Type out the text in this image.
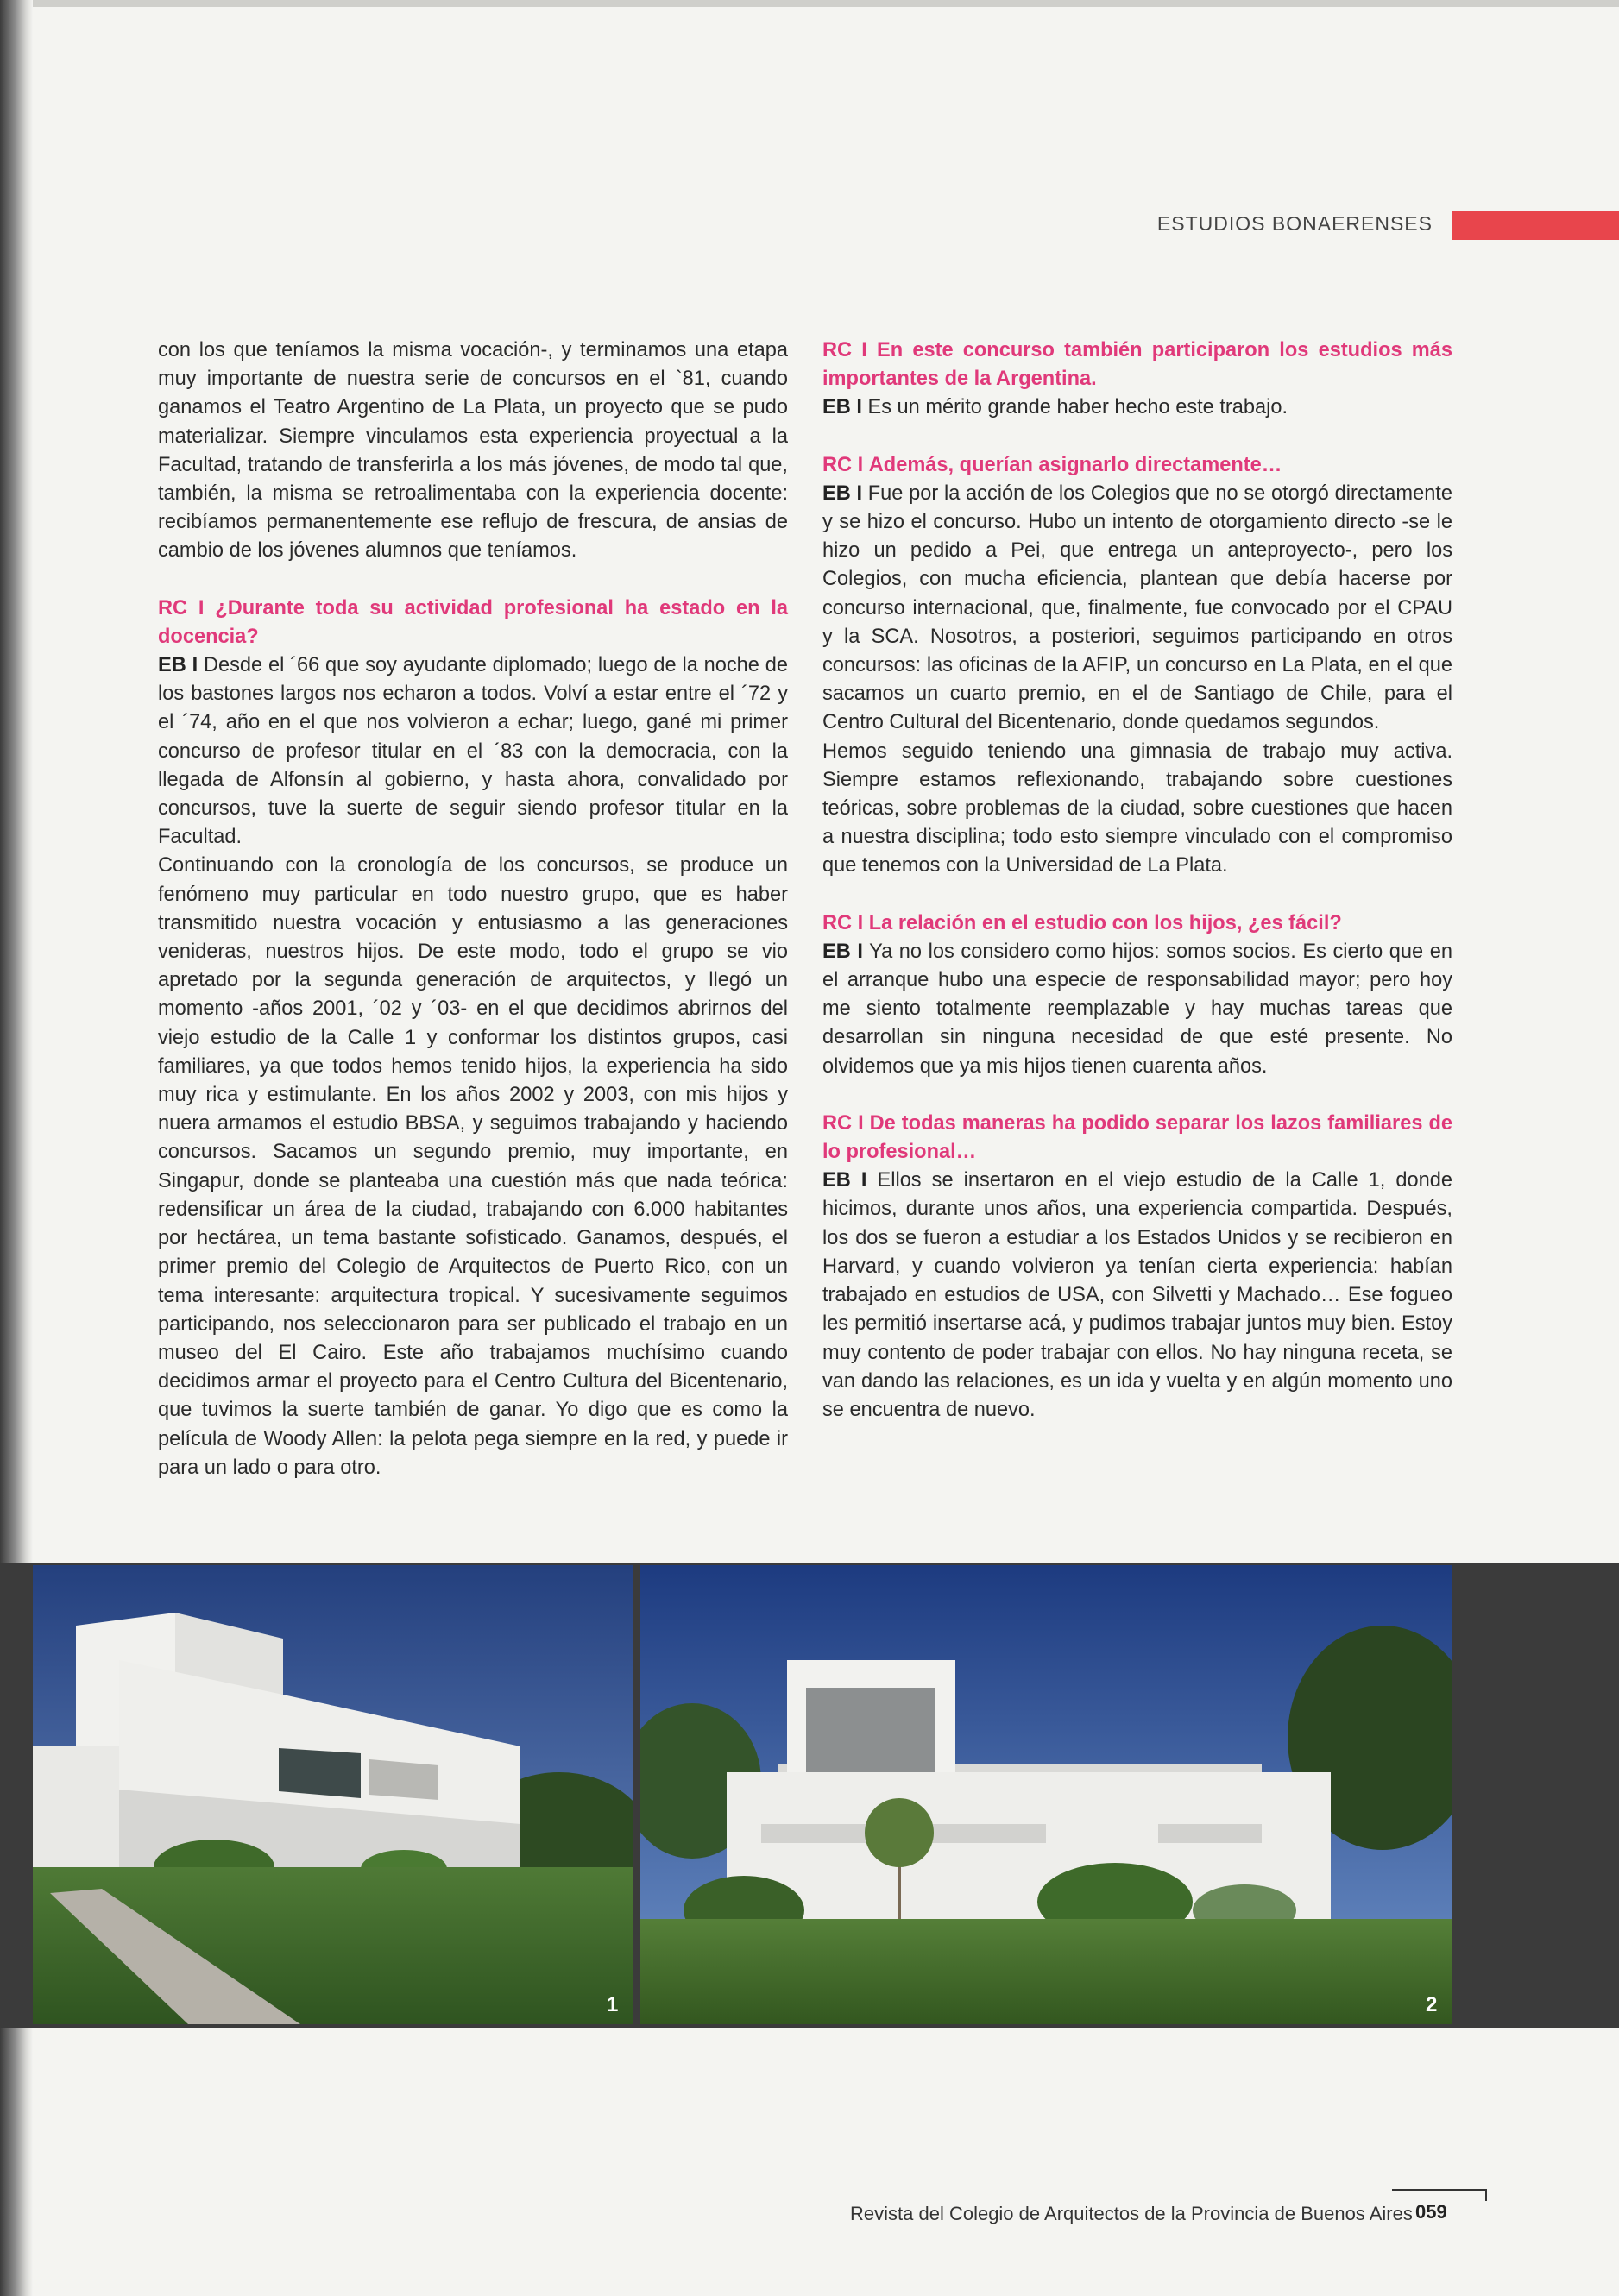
ESTUDIOS BONAERENSES

con los que teníamos la misma vocación-, y terminamos una etapa muy importante de nuestra serie de concursos en el `81, cuando ganamos el Teatro Argentino de La Plata, un proyecto que se pudo materializar. Siempre vinculamos esta experiencia proyectual a la Facultad, tratando de transferirla a los más jóvenes, de modo tal que, también, la misma se retroalimentaba con la experiencia docente: recibíamos permanentemente ese reflujo de frescura, de ansias de cambio de los jóvenes alumnos que teníamos.

RC I ¿Durante toda su actividad profesional ha estado en la docencia?

EB I Desde el ´66 que soy ayudante diplomado; luego de la noche de los bastones largos nos echaron a todos. Volví a estar entre el ´72 y el ´74, año en el que nos volvieron a echar; luego, gané mi primer concurso de profesor titular en el ´83 con la democracia, con la llegada de Alfonsín al gobierno, y hasta ahora, convalidado por concursos, tuve la suerte de seguir siendo profesor titular en la Facultad.

Continuando con la cronología de los concursos, se produce un fenómeno muy particular en todo nuestro grupo, que es haber transmitido nuestra vocación y entusiasmo a las generaciones venideras, nuestros hijos. De este modo, todo el grupo se vio apretado por la segunda generación de arquitectos, y llegó un momento -años 2001, ´02 y ´03- en el que decidimos abrirnos del viejo estudio de la Calle 1 y conformar los distintos grupos, casi familiares, ya que todos hemos tenido hijos, la experiencia ha sido muy rica y estimulante. En los años 2002 y 2003, con mis hijos y nuera armamos el estudio BBSA, y seguimos trabajando y haciendo concursos. Sacamos un segundo premio, muy importante, en Singapur, donde se planteaba una cuestión más que nada teórica: redensificar un área de la ciudad, trabajando con 6.000 habitantes por hectárea, un tema bastante sofisticado. Ganamos, después, el primer premio del Colegio de Arquitectos de Puerto Rico, con un tema interesante: arquitectura tropical. Y sucesivamente seguimos participando, nos seleccionaron para ser publicado el trabajo en un museo del El Cairo. Este año trabajamos muchísimo cuando decidimos armar el proyecto para el Centro Cultura del Bicentenario, que tuvimos la suerte también de ganar. Yo digo que es como la película de Woody Allen: la pelota pega siempre en la red, y puede ir para un lado o para otro.

RC I En este concurso también participaron los estudios más importantes de la Argentina.

EB I Es un mérito grande haber hecho este trabajo.

RC I Además, querían asignarlo directamente…

EB I Fue por la acción de los Colegios que no se otorgó directamente y se hizo el concurso. Hubo un intento de otorgamiento directo -se le hizo un pedido a Pei, que entrega un anteproyecto-, pero los Colegios, con mucha eficiencia, plantean que debía hacerse por concurso internacional, que, finalmente, fue convocado por el CPAU y la SCA. Nosotros, a posteriori, seguimos participando en otros concursos: las oficinas de la AFIP, un concurso en La Plata, en el que sacamos un cuarto premio, en el de Santiago de Chile, para el Centro Cultural del Bicentenario, donde quedamos segundos.

Hemos seguido teniendo una gimnasia de trabajo muy activa. Siempre estamos reflexionando, trabajando sobre cuestiones teóricas, sobre problemas de la ciudad, sobre cuestiones que hacen a nuestra disciplina; todo esto siempre vinculado con el compromiso que tenemos con la Universidad de La Plata.

RC I La relación en el estudio con los hijos, ¿es fácil?

EB I Ya no los considero como hijos: somos socios. Es cierto que en el arranque hubo una especie de responsabilidad mayor; pero hoy me siento totalmente reemplazable y hay muchas tareas que desarrollan sin ninguna necesidad de que esté presente. No olvidemos que ya mis hijos tienen cuarenta años.

RC I De todas maneras ha podido separar los lazos familiares de lo profesional…

EB I Ellos se insertaron en el viejo estudio de la Calle 1, donde hicimos, durante unos años, una experiencia compartida. Después, los dos se fueron a estudiar a los Estados Unidos y se recibieron en Harvard, y cuando volvieron ya tenían cierta experiencia: habían trabajado en estudios de USA, con Silvetti y Machado… Ese fogueo les permitió insertarse acá, y pudimos trabajar juntos muy bien. Estoy muy contento de poder trabajar con ellos. No hay ninguna receta, se van dando las relaciones, es un ida y vuelta y en algún momento uno se encuentra de nuevo.

1	2
Revista del Colegio de Arquitectos de la Provincia de Buenos Aires 059
